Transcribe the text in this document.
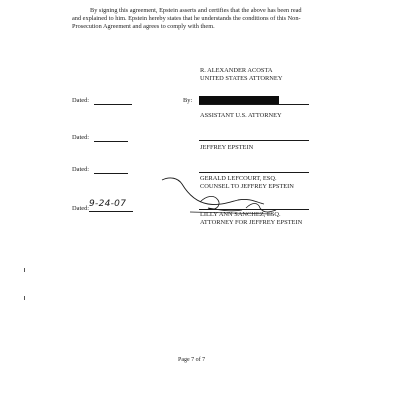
By signing this agreement, Epstein asserts and certifies that the above has been read
and explained to him. Epstein hereby states that he understands the conditions of this Non-
Prosecution Agreement and agrees to comply with them.
R. ALEXANDER ACOSTA
UNITED STATES ATTORNEY
Dated:	By:
ASSISTANT U.S. ATTORNEY
Dated:
JEFFREY EPSTEIN
Dated:
GERALD LEFCOURT, ESQ.
COUNSEL TO JEFFREY EPSTEIN
Dated: 9-24-07
LILLY ANN SANCHEZ, ESQ.
ATTORNEY FOR JEFFREY EPSTEIN
Page 7 of 7
